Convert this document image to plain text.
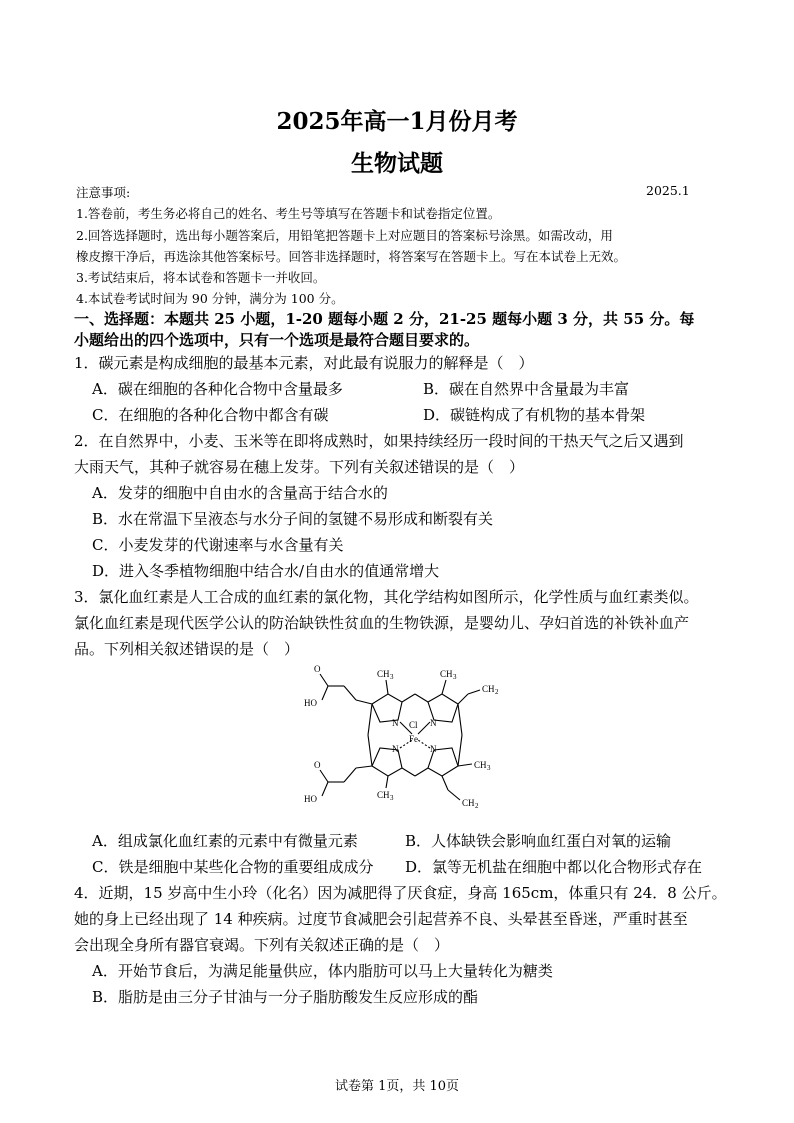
2025年高一1月份月考
生物试题
注意事项:	2025.1
1.答卷前，考生务必将自己的姓名、考生号等填写在答题卡和试卷指定位置。
2.回答选择题时，选出每小题答案后，用铅笔把答题卡上对应题目的答案标号涂黑。如需改动，用
橡皮擦干净后，再选涂其他答案标号。回答非选择题时，将答案写在答题卡上。写在本试卷上无效。
3.考试结束后，将本试卷和答题卡一并收回。
4.本试卷考试时间为 90 分钟，满分为 100 分。
一、选择题：本题共 25 小题，1-20 题每小题 2 分，21-25 题每小题 3 分，共 55 分。每
小题给出的四个选项中，只有一个选项是最符合题目要求的。
1．碳元素是构成细胞的最基本元素，对此最有说服力的解释是（　）
A．碳在细胞的各种化合物中含量最多	B．碳在自然界中含量最为丰富
C．在细胞的各种化合物中都含有碳	D．碳链构成了有机物的基本骨架
2．在自然界中，小麦、玉米等在即将成熟时，如果持续经历一段时间的干热天气之后又遇到
大雨天气，其种子就容易在穗上发芽。下列有关叙述错误的是（　）
A．发芽的细胞中自由水的含量高于结合水的
B．水在常温下呈液态与水分子间的氢键不易形成和断裂有关
C．小麦发芽的代谢速率与水含量有关
D．进入冬季植物细胞中结合水/自由水的值通常增大
3．氯化血红素是人工合成的血红素的氯化物，其化学结构如图所示，化学性质与血红素类似。
氯化血红素是现代医学公认的防治缺铁性贫血的生物铁源，是婴幼儿、孕妇首选的补铁补血产
品。下列相关叙述错误的是（　）
O
HO
O
HO
CH 3	CH 3
CH 3
CH 3
CH 2
CH 2
N	N
N	N
Cl
Fe
A．组成氯化血红素的元素中有微量元素	B．人体缺铁会影响血红蛋白对氧的运输
C．铁是细胞中某些化合物的重要组成成分 D．氯等无机盐在细胞中都以化合物形式存在
4．近期，15 岁高中生小玲（化名）因为减肥得了厌食症，身高 165cm，体重只有 24．8 公斤。
她的身上已经出现了 14 种疾病。过度节食减肥会引起营养不良、头晕甚至昏迷，严重时甚至
会出现全身所有器官衰竭。下列有关叙述正确的是（　）
A．开始节食后，为满足能量供应，体内脂肪可以马上大量转化为糖类
B．脂肪是由三分子甘油与一分子脂肪酸发生反应形成的酯
试卷第 1页，共 10页
